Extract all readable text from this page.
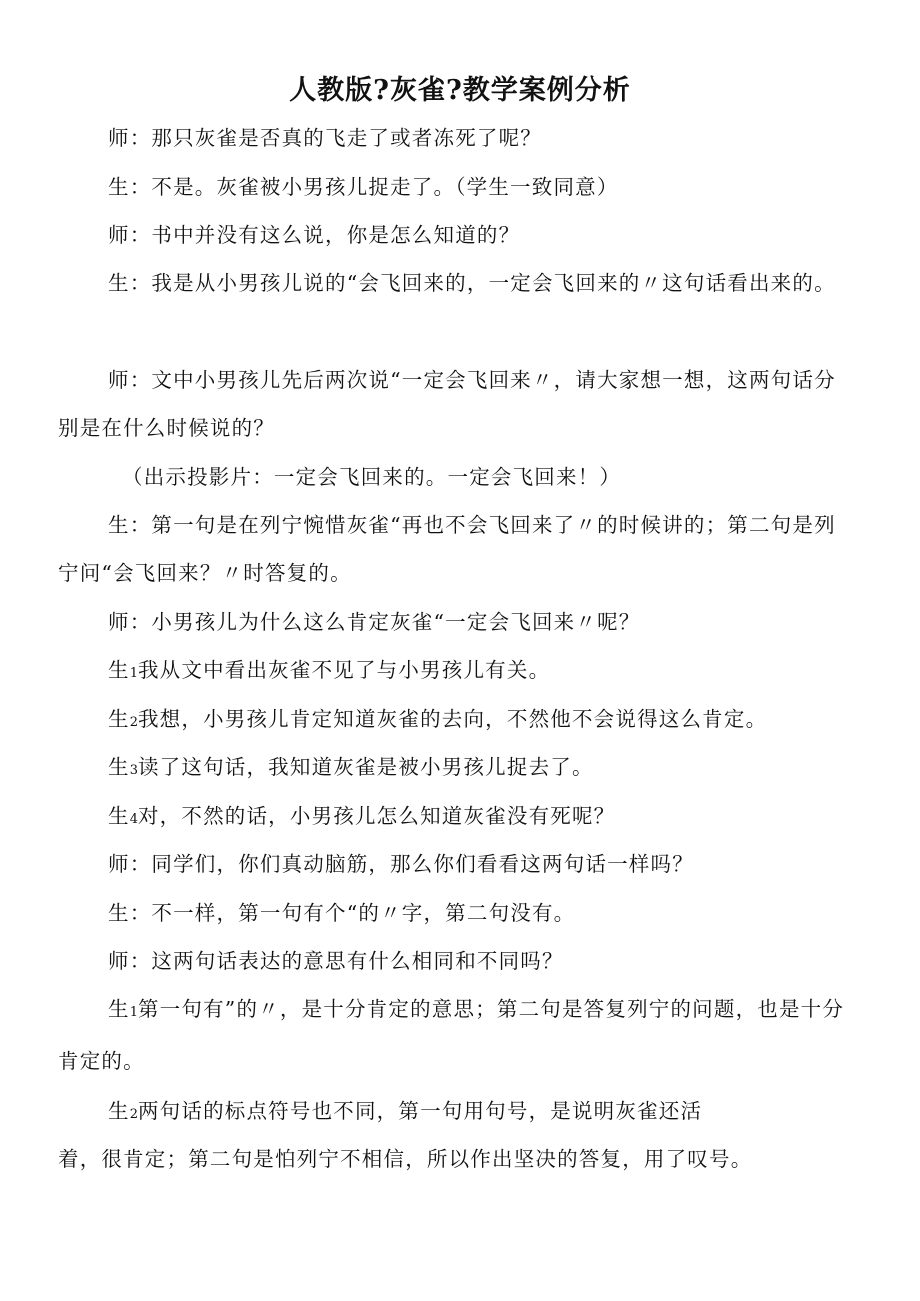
人教版?灰雀?教学案例分析
师：那只灰雀是否真的飞走了或者冻死了呢？
生：不是。灰雀被小男孩儿捉走了。（学生一致同意）
师：书中并没有这么说，你是怎么知道的？
生：我是从小男孩儿说的“会飞回来的，一定会飞回来的〃这句话看出来的。
师：文中小男孩儿先后两次说“一定会飞回来〃，请大家想一想，这两句话分别是在什么时候说的？
（出示投影片：一定会飞回来的。一定会飞回来！）
生：第一句是在列宁惋惜灰雀“再也不会飞回来了〃的时候讲的；第二句是列宁问“会飞回来？〃时答复的。
师：小男孩儿为什么这么肯定灰雀“一定会飞回来〃呢？
生1我从文中看出灰雀不见了与小男孩儿有关。
生2我想，小男孩儿肯定知道灰雀的去向，不然他不会说得这么肯定。
生3读了这句话，我知道灰雀是被小男孩儿捉去了。
生4对，不然的话，小男孩儿怎么知道灰雀没有死呢？
师：同学们，你们真动脑筋，那么你们看看这两句话一样吗？
生：不一样，第一句有个“的〃字，第二句没有。
师：这两句话表达的意思有什么相同和不同吗？
生1第一句有”的〃，是十分肯定的意思；第二句是答复列宁的问题，也是十分肯定的。
生2两句话的标点符号也不同，第一句用句号，是说明灰雀还活
着，很肯定；第二句是怕列宁不相信，所以作出坚决的答复，用了叹号。
